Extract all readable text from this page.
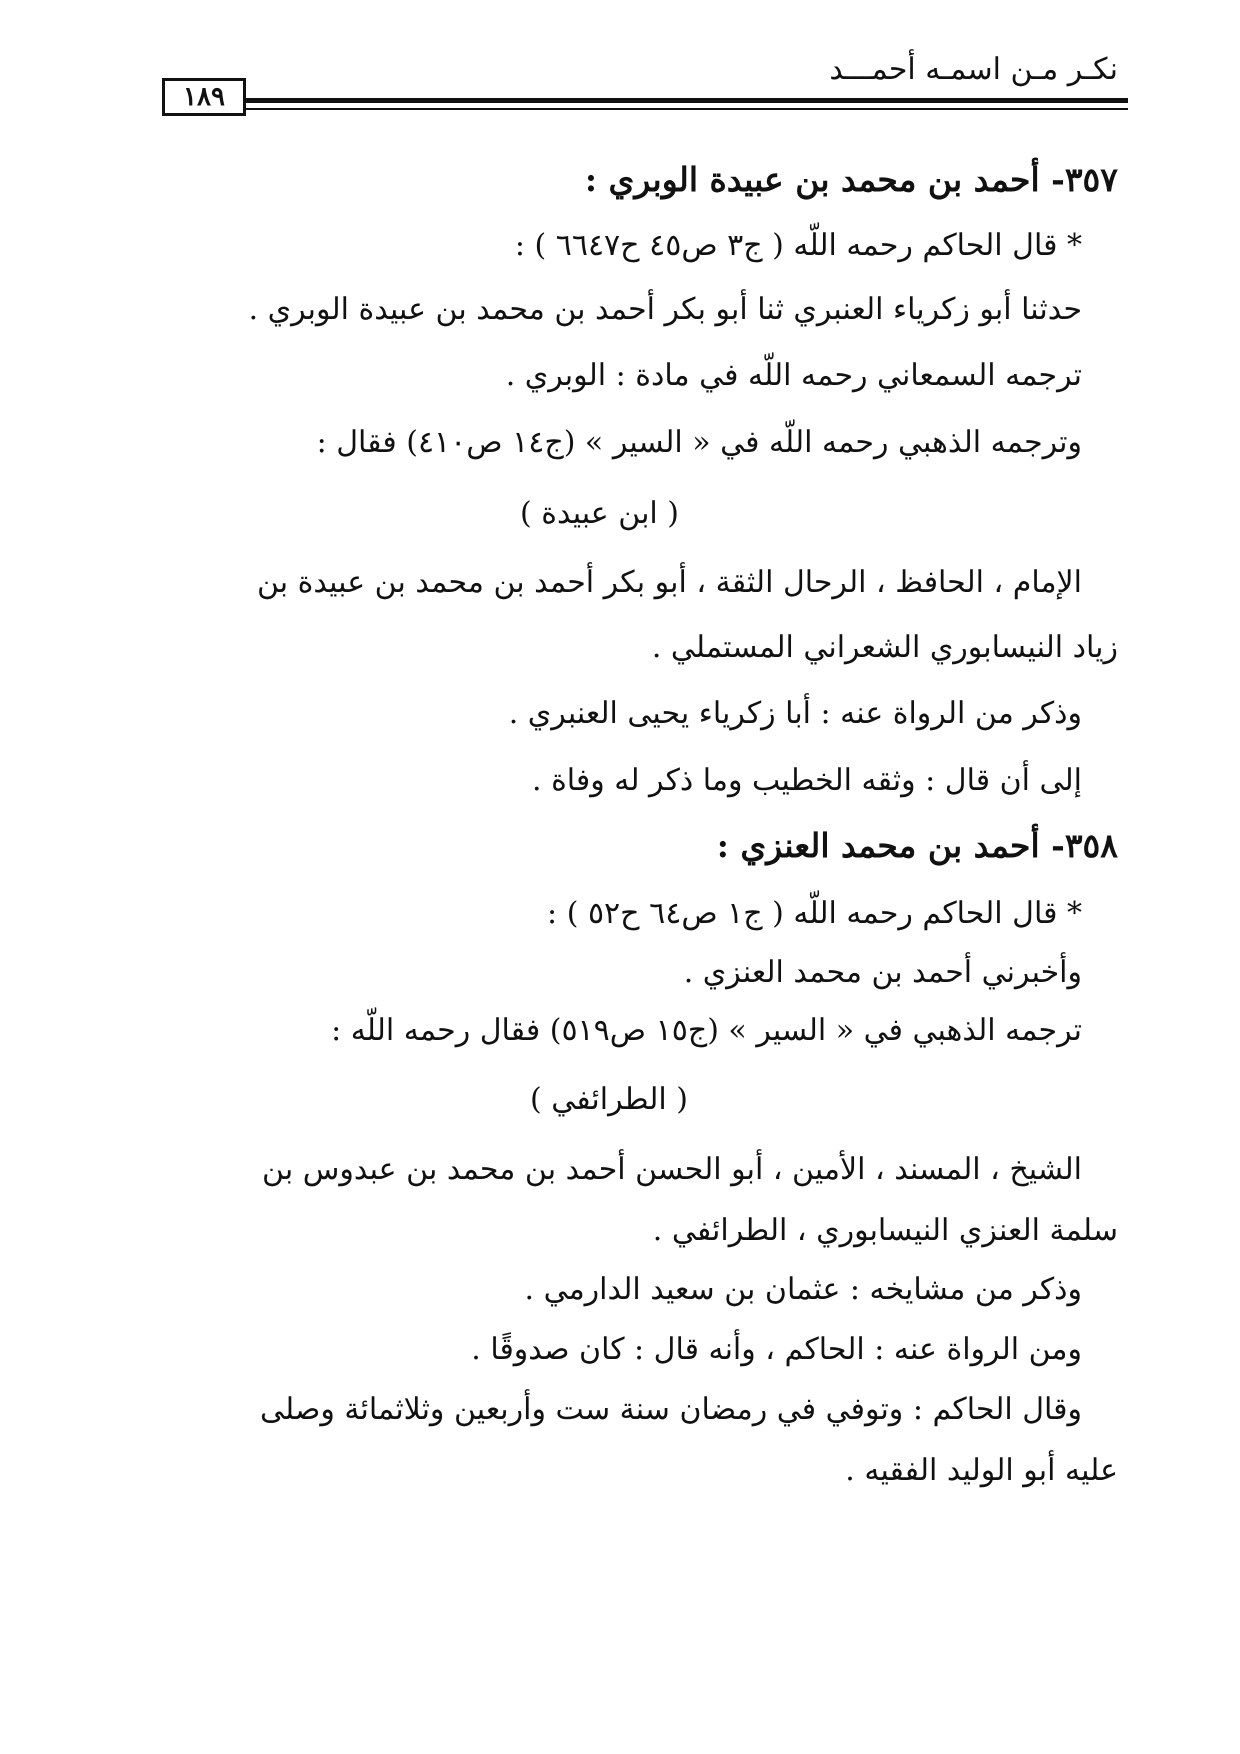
نكـر مـن اسمـه أحمـــد
١٨٩
٣٥٧- أحمد بن محمد بن عبيدة الوبري :
* قال الحاكم رحمه اللّه ( ج٣ ص٤٥ ح٦٦٤٧ ) :
حدثنا أبو زكرياء العنبري ثنا أبو بكر أحمد بن محمد بن عبيدة الوبري .
ترجمه السمعاني رحمه اللّه في مادة : الوبري .
وترجمه الذهبي رحمه اللّه في « السير » (ج١٤ ص٤١٠) فقال :
( ابن عبيدة )
الإمام ، الحافظ ، الرحال الثقة ، أبو بكر أحمد بن محمد بن عبيدة بن
زياد النيسابوري الشعراني المستملي .
وذكر من الرواة عنه : أبا زكرياء يحيى العنبري .
إلى أن قال : وثقه الخطيب وما ذكر له وفاة .
٣٥٨- أحمد بن محمد العنزي :
* قال الحاكم رحمه اللّه ( ج١ ص٦٤ ح٥٢ ) :
وأخبرني أحمد بن محمد العنزي .
ترجمه الذهبي في « السير » (ج١٥ ص٥١٩) فقال رحمه اللّه :
( الطرائفي )
الشيخ ، المسند ، الأمين ، أبو الحسن أحمد بن محمد بن عبدوس بن
سلمة العنزي النيسابوري ، الطرائفي .
وذكر من مشايخه : عثمان بن سعيد الدارمي .
ومن الرواة عنه : الحاكم ، وأنه قال : كان صدوقًا .
وقال الحاكم : وتوفي في رمضان سنة ست وأربعين وثلاثمائة وصلى
عليه أبو الوليد الفقيه .
